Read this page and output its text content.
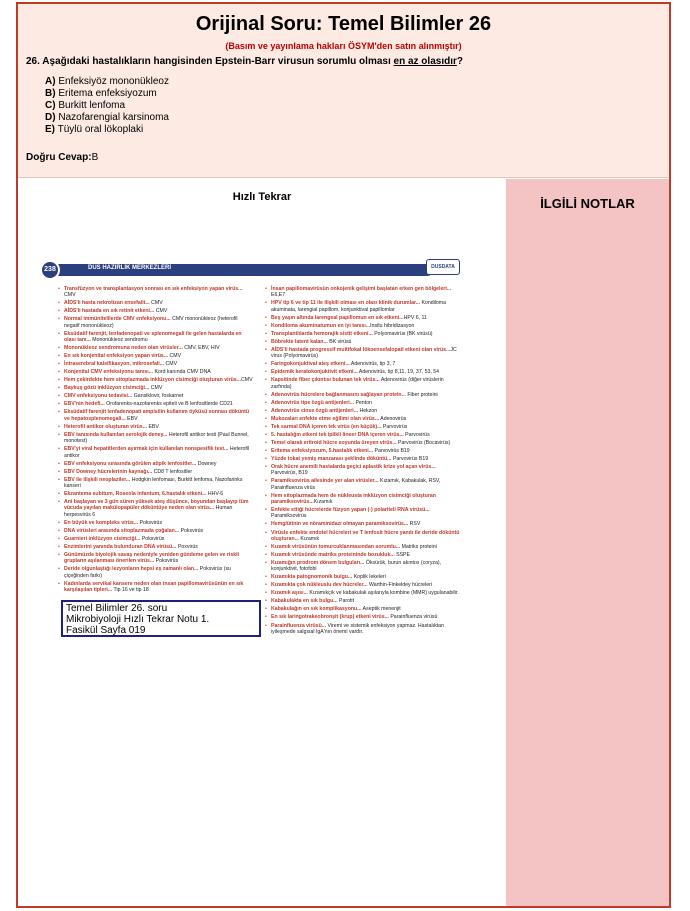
Orijinal Soru: Temel Bilimler 26
(Basım ve yayınlama hakları ÖSYM'den satın alınmıştır)
26. Aşağıdaki hastalıkların hangisinden Epstein-Barr virusun sorumlu olması en az olasıdır?
A) Enfeksiyöz mononükleoz
B) Eritema enfeksiyozum
C) Burkitt lenfoma
D) Nazofarengial karsinoma
E) Tüylü oral lökoplaki
Doğru Cevap:B
Hızlı Tekrar	İLGİLİ NOTLAR
238	DUS HAZIRLIK MERKEZLERİ	DUSDATA
• Transfüzyon ve transplantasyon sonrası en sık enfeksiyon yapan virüs... CMV
• AİDS'li hasta nekrotizan ensefalit... CMV
• AİDS'li hastada en sık retinit etkeni... CMV
• Normal immünitelilerde CMV enfeksiyonu... CMV mononükleoz (heterofil negatif mononükleoz)
• Eksüdatif farenjit, lenfadenopati ve splenomegali ile gelen hastalarda en olası tanı... Mononükleoz sendromu
• Mononükleoz sendromuna neden olan virüsler... CMV, EBV, HIV
• En sık konjenital enfeksiyon yapan virüs... CMV
• İntraserebral kalsifikasyon, mikrosefali... CMV
• Konjenital CMV enfeksiyonu tanısı... Kord kanında CMV DNA
• Hem çekirdekte hem sitoplazmada inklüzyon cisimciği oluşturan virüs...CMV
• Baykuş gözü inklüzyon cisimciği... CMV
• CMV enfeksiyonu tedavisi... Gansiklovir, foskarnet
• EBV'nin hedefi... Orofarenks-nazofarenks epiteli ve B lenfositlerde CD21
• Eksüdatif farenjit lenfadenopati ampisilin kullanım öyküsü sonrası döküntü ve hepatosplenomegali... EBV
• Heterofil antikor oluşturan virüs... EBV
• EBV tanısında kullanılan serolojik deney... Heterofil antikor testi (Paul Bunnel, monotest)
• EBV'yi viral hepatitlerden ayırmak için kullanılan nonspesifik test... Heterofil antikor
• EBV enfeksiyonu sırasında görülen atipik lenfositler... Downey
• EBV Downey hücrelerinin kaynağı... CD8 T lenfositler
• EBV ile ilişkili neoplaziler... Hodgkin lenfoması, Burkitt lenfoma, Nazofarinks kanseri
• Ekzantema subitum, Roseola infantum, 6.hastalık etkeni... HHV-6
• Ani başlayan ve 3 gün süren yüksek ateş düşünce, boyundan başlayıp tüm vücuda yayılan makülopapüler döküntüye neden olan virüs... Human herpesvirüs 6
• En büyük ve kompleks virüs... Poksvirüs
• DNA virüsleri arasında sitoplazmada çoğalan... Poksvirüs
• Guarnieri inklüzyon cisimciği... Poksvirüs
• Enzimlerini yanında bulunduran DNA virüsü... Poxvirüs
• Günümüzde biyolojik savaş nedeniyle yeniden gündeme gelen ve riskli grupların aşılanması önerilen virüs... Poksvirüs
• Deride olgunlaştığı lezyonların hepsi eş zamanlı olan... Poksvirüs (su çiçeğinden farkı)
• Kadınlarda servikal kansere neden olan insan papillomavirüsünün en sık karşılaşılan tipleri... Tip 16 ve tip 18
• İnsan papillomavirüsün onkojenik gelişimi başlatan erken gen bölgeleri... E6,E7
• HPV tip 6 ve tip 11 ile ilişkili olması en olası klinik durumlar... Kondiloma akuminata, larengial papillom, konjunktival papillomlar
• Beş yaşın altında larengeal papillomun en sık etkeni...HPV 6, 11
• Kondiloma akuminatumun en iyi tanısı...Insitu hibridizasyon
• Transplantlılarda hemorajik sistit etkeni... Polyomavirüs (BK virüsü)
• Böbrekte latent kalan... BK virüsü
• AİDS'li hastada progressif multifokal lökoensefalopati etkeni olan virüs...JC virus (Polyomavirüs)
• Faringokonjuktival ateş etkeni... Adenovirüs, tip 3, 7
• Epidemik keratokonjuktivit etkeni... Adenovirüs, tip 8,11, 19, 37, 53, 54
• Kapsitinde fiber çıkıntısı bulunan tek virüs... Adenovirüs (diğer virüslerin zarfında)
• Adenovirüs hücrelere bağlanmasını sağlayan protein... Fiber proteini
• Adenovirüs tipe özgü antijenleri... Penton
• Adenovirüs cinse özgü antijenleri... Hekzon
• Mukozaları enfekte etme eğilimi olan virüs... Adenovirüs
• Tek sarmal DNA içeren tek virüs (en küçük)... Parvovirüs
• 5. hastalığın etkeni tek iplikli lineer DNA içeren virüs... Parvovirüs
• Temel olarak eritroid hücre soyunda üreyen virüs... Parvovirüs (Bocavirüs)
• Eritema enfeksiyozum, 5.hastalık etkeni... Parvovirüs B19
• Yüzde tokat yemiş manzarası şeklinde döküntü... Parvovirüs B19
• Orak hücre anemili hastalarda geçici aplastik krize yol açan virüs... Parvovirüs, B19
• Paramiksovirüs ailesinde yer alan virüsler... Kızamık, Kabakulak, RSV, Parainfluenza virüs
• Hem sitoplazmada hem de nükleusta inklüzyon cisimciği oluşturan paramiksovirüs...Kızamık
• Enfekte ettiği hücrelerde füzyon yapan (-) polariteli RNA virüsü... Paramiksovirüs
• Hemglütinin ve nöraminidazı olmayan paramiksovirüs... RSV
• Virüsle enfekte endotel hücreleri ve T lenfosit hücre yanıtı ile deride döküntü oluşturan... Kızamık
• Kızamık virüsünün tomurcuklanmasından sorumlu... Matriks proteini
• Kızamık virüsünde matriks proteininde bozukluk... SSPE
• Kızamığın prodrom dönem bulguları... Öksürük, burun akıntısı (coryza), konjunktivit, fotofobi
• Kızamıkta patognomonik bulgu... Koplik lekeleri
• Kızamıkta çok nükleuslu dev hücreler... Warthin-Finkeldey hücreleri
• Kızamık aşısı... Kızamıkçık ve kabakulak aşılarıyla kombine (MMR) uygulanabilir.
• Kabakulakta en sık bulgu... Parotit
• Kabakulağın en sık komplikasyonu... Aseptik menenjit
• En sık laringotrakeobronşit (krup) etkeni virüs... Parainfluenza virüsü
• Parainfluenza virüsü... Viremi ve sistemik enfeksiyon yapmaz. Hastalıktan iyileşmede salgısal IgA'nın önemi vardır.
Temel Bilimler 26. soru
Mikrobiyoloji Hızlı Tekrar Notu 1.
Fasikül Sayfa 019
